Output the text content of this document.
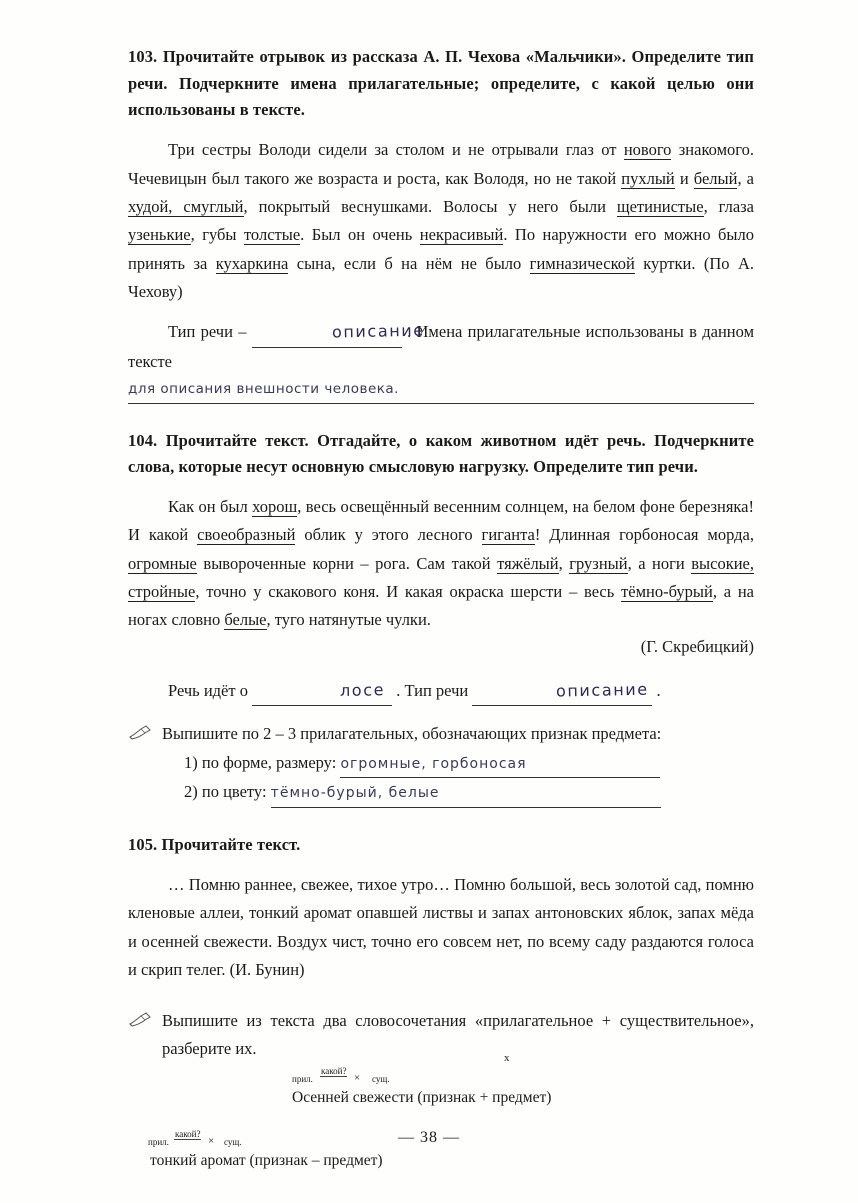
103. Прочитайте отрывок из рассказа А. П. Чехова «Мальчики». Определите тип речи. Подчеркните имена прилагательные; определите, с какой целью они использованы в тексте.
Три сестры Володи сидели за столом и не отрывали глаз от нового знакомого. Чечевицын был такого же возраста и роста, как Володя, но не такой пухлый и белый, а худой, смуглый, покрытый веснушками. Волосы у него были щетинистые, глаза узенькие, губы толстые. Был он очень некрасивый. По наружности его можно было принять за кухаркина сына, если б на нём не было гимназической куртки. (По А. Чехову)
Тип речи –	описание . Имена прилагательные использованы в данном тексте
для описания внешности человека.
104. Прочитайте текст. Отгадайте, о каком животном идёт речь. Подчеркните слова, которые несут основную смысловую нагрузку. Определите тип речи.
Как он был хорош, весь освещённый весенним солнцем, на белом фоне березняка! И какой своеобразный облик у этого лесного гиганта! Длинная горбоносая морда, огромные вывороченные корни – рога. Сам такой тяжёлый, грузный, а ноги высокие, стройные, точно у скакового коня. И какая окраска шерсти – весь тёмно-бурый, а на ногах словно белые, туго натянутые чулки.
(Г. Скребицкий)
Речь идёт о	лосе . Тип речи	описание .
Выпишите по 2 – 3 прилагательных, обозначающих признак предмета:
1) по форме, размеру: огромные, горбоносая
2) по цвету: тёмно-бурый, белые
105. Прочитайте текст.
… Помню раннее, свежее, тихое утро… Помню большой, весь золотой сад, помню кленовые аллеи, тонкий аромат опавшей листвы и запах антоновских яблок, запах мёда и осенней свежести. Воздух чист, точно его совсем нет, по всему саду раздаются голоса и скрип телег. (И. Бунин)
Выпишите из текста два словосочетания «прилагательное + существительное», разберите их.
х
прил.
какой?
× сущ.
Осенней свежести (признак + предмет)
прил.
какой?
× сущ.
тонкий аромат (признак – предмет)
— 38 —
